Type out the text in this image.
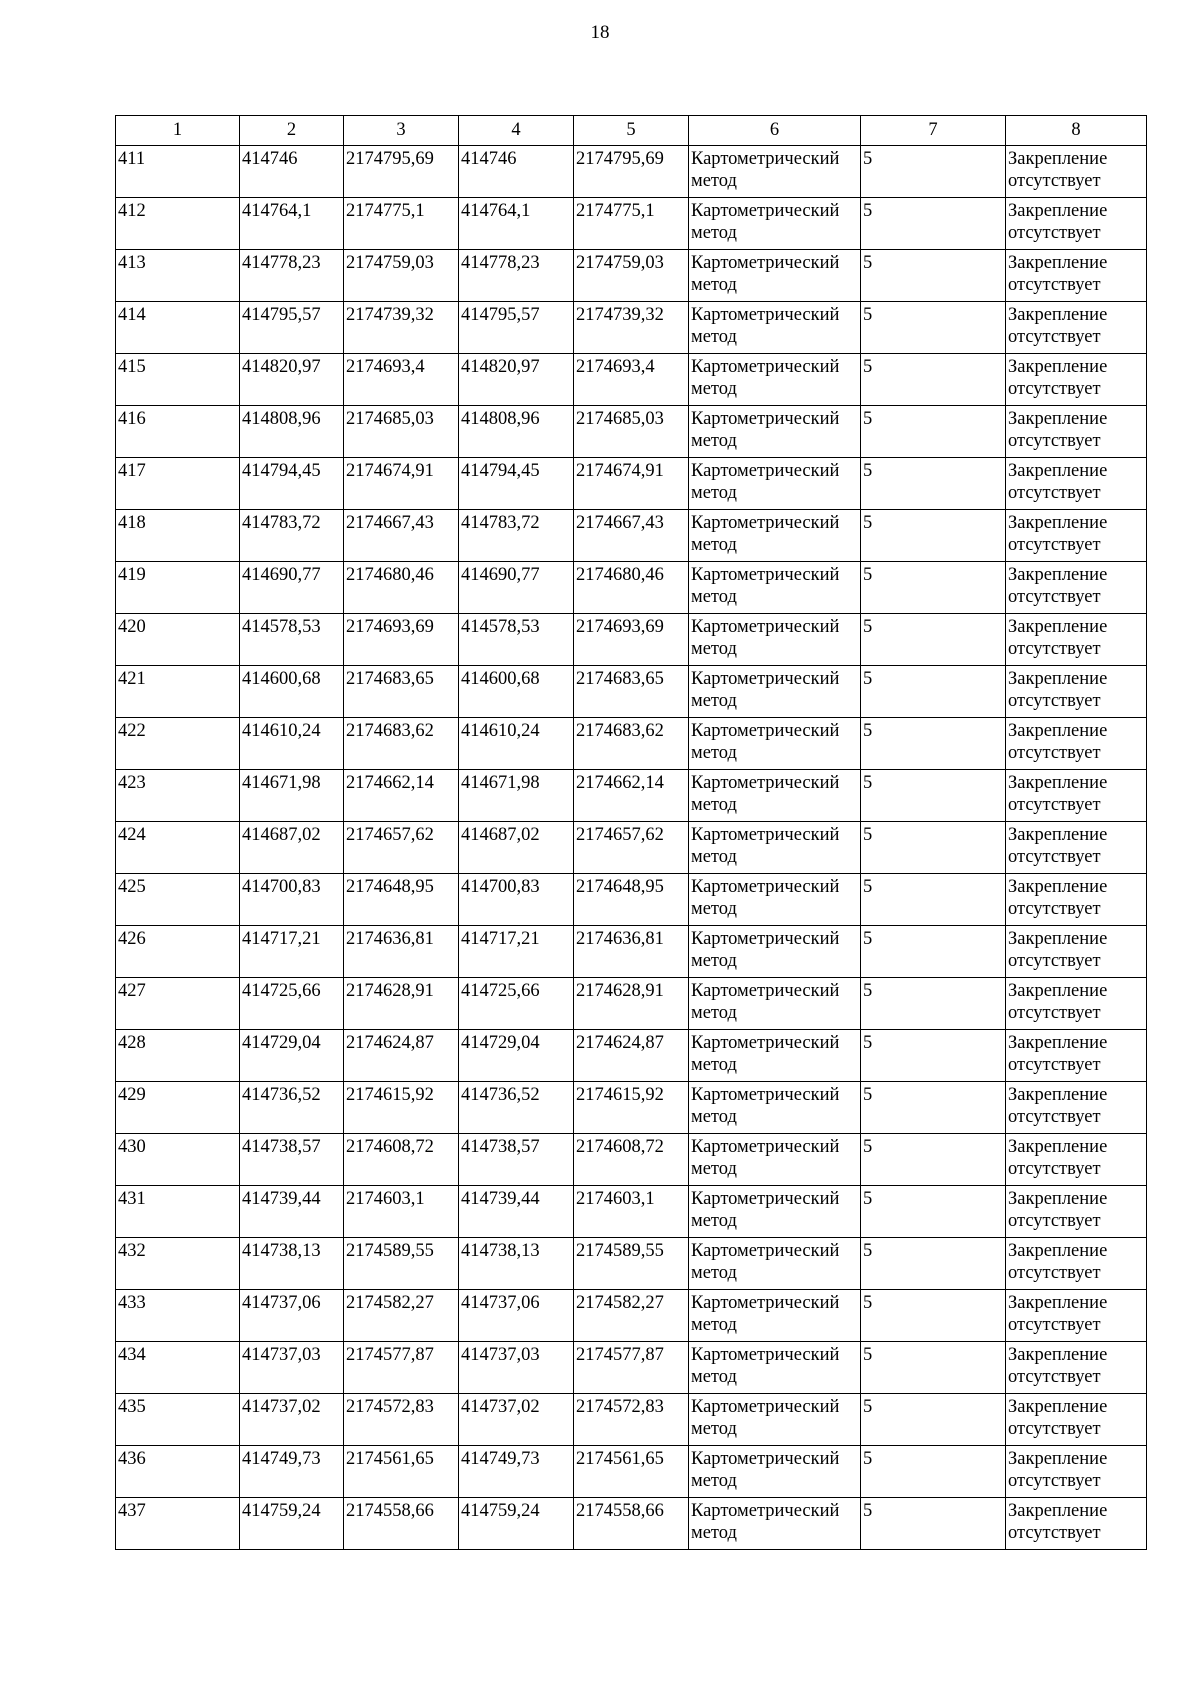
18
1	2	3	4	5	6	7	8
411	414746	2174795,69	414746	2174795,69	Картометрический метод	5	Закрепление отсутствует
412	414764,1	2174775,1	414764,1	2174775,1	Картометрический метод	5	Закрепление отсутствует
413	414778,23	2174759,03	414778,23	2174759,03	Картометрический метод	5	Закрепление отсутствует
414	414795,57	2174739,32	414795,57	2174739,32	Картометрический метод	5	Закрепление отсутствует
415	414820,97	2174693,4	414820,97	2174693,4	Картометрический метод	5	Закрепление отсутствует
416	414808,96	2174685,03	414808,96	2174685,03	Картометрический метод	5	Закрепление отсутствует
417	414794,45	2174674,91	414794,45	2174674,91	Картометрический метод	5	Закрепление отсутствует
418	414783,72	2174667,43	414783,72	2174667,43	Картометрический метод	5	Закрепление отсутствует
419	414690,77	2174680,46	414690,77	2174680,46	Картометрический метод	5	Закрепление отсутствует
420	414578,53	2174693,69	414578,53	2174693,69	Картометрический метод	5	Закрепление отсутствует
421	414600,68	2174683,65	414600,68	2174683,65	Картометрический метод	5	Закрепление отсутствует
422	414610,24	2174683,62	414610,24	2174683,62	Картометрический метод	5	Закрепление отсутствует
423	414671,98	2174662,14	414671,98	2174662,14	Картометрический метод	5	Закрепление отсутствует
424	414687,02	2174657,62	414687,02	2174657,62	Картометрический метод	5	Закрепление отсутствует
425	414700,83	2174648,95	414700,83	2174648,95	Картометрический метод	5	Закрепление отсутствует
426	414717,21	2174636,81	414717,21	2174636,81	Картометрический метод	5	Закрепление отсутствует
427	414725,66	2174628,91	414725,66	2174628,91	Картометрический метод	5	Закрепление отсутствует
428	414729,04	2174624,87	414729,04	2174624,87	Картометрический метод	5	Закрепление отсутствует
429	414736,52	2174615,92	414736,52	2174615,92	Картометрический метод	5	Закрепление отсутствует
430	414738,57	2174608,72	414738,57	2174608,72	Картометрический метод	5	Закрепление отсутствует
431	414739,44	2174603,1	414739,44	2174603,1	Картометрический метод	5	Закрепление отсутствует
432	414738,13	2174589,55	414738,13	2174589,55	Картометрический метод	5	Закрепление отсутствует
433	414737,06	2174582,27	414737,06	2174582,27	Картометрический метод	5	Закрепление отсутствует
434	414737,03	2174577,87	414737,03	2174577,87	Картометрический метод	5	Закрепление отсутствует
435	414737,02	2174572,83	414737,02	2174572,83	Картометрический метод	5	Закрепление отсутствует
436	414749,73	2174561,65	414749,73	2174561,65	Картометрический метод	5	Закрепление отсутствует
437	414759,24	2174558,66	414759,24	2174558,66	Картометрический метод	5	Закрепление отсутствует
